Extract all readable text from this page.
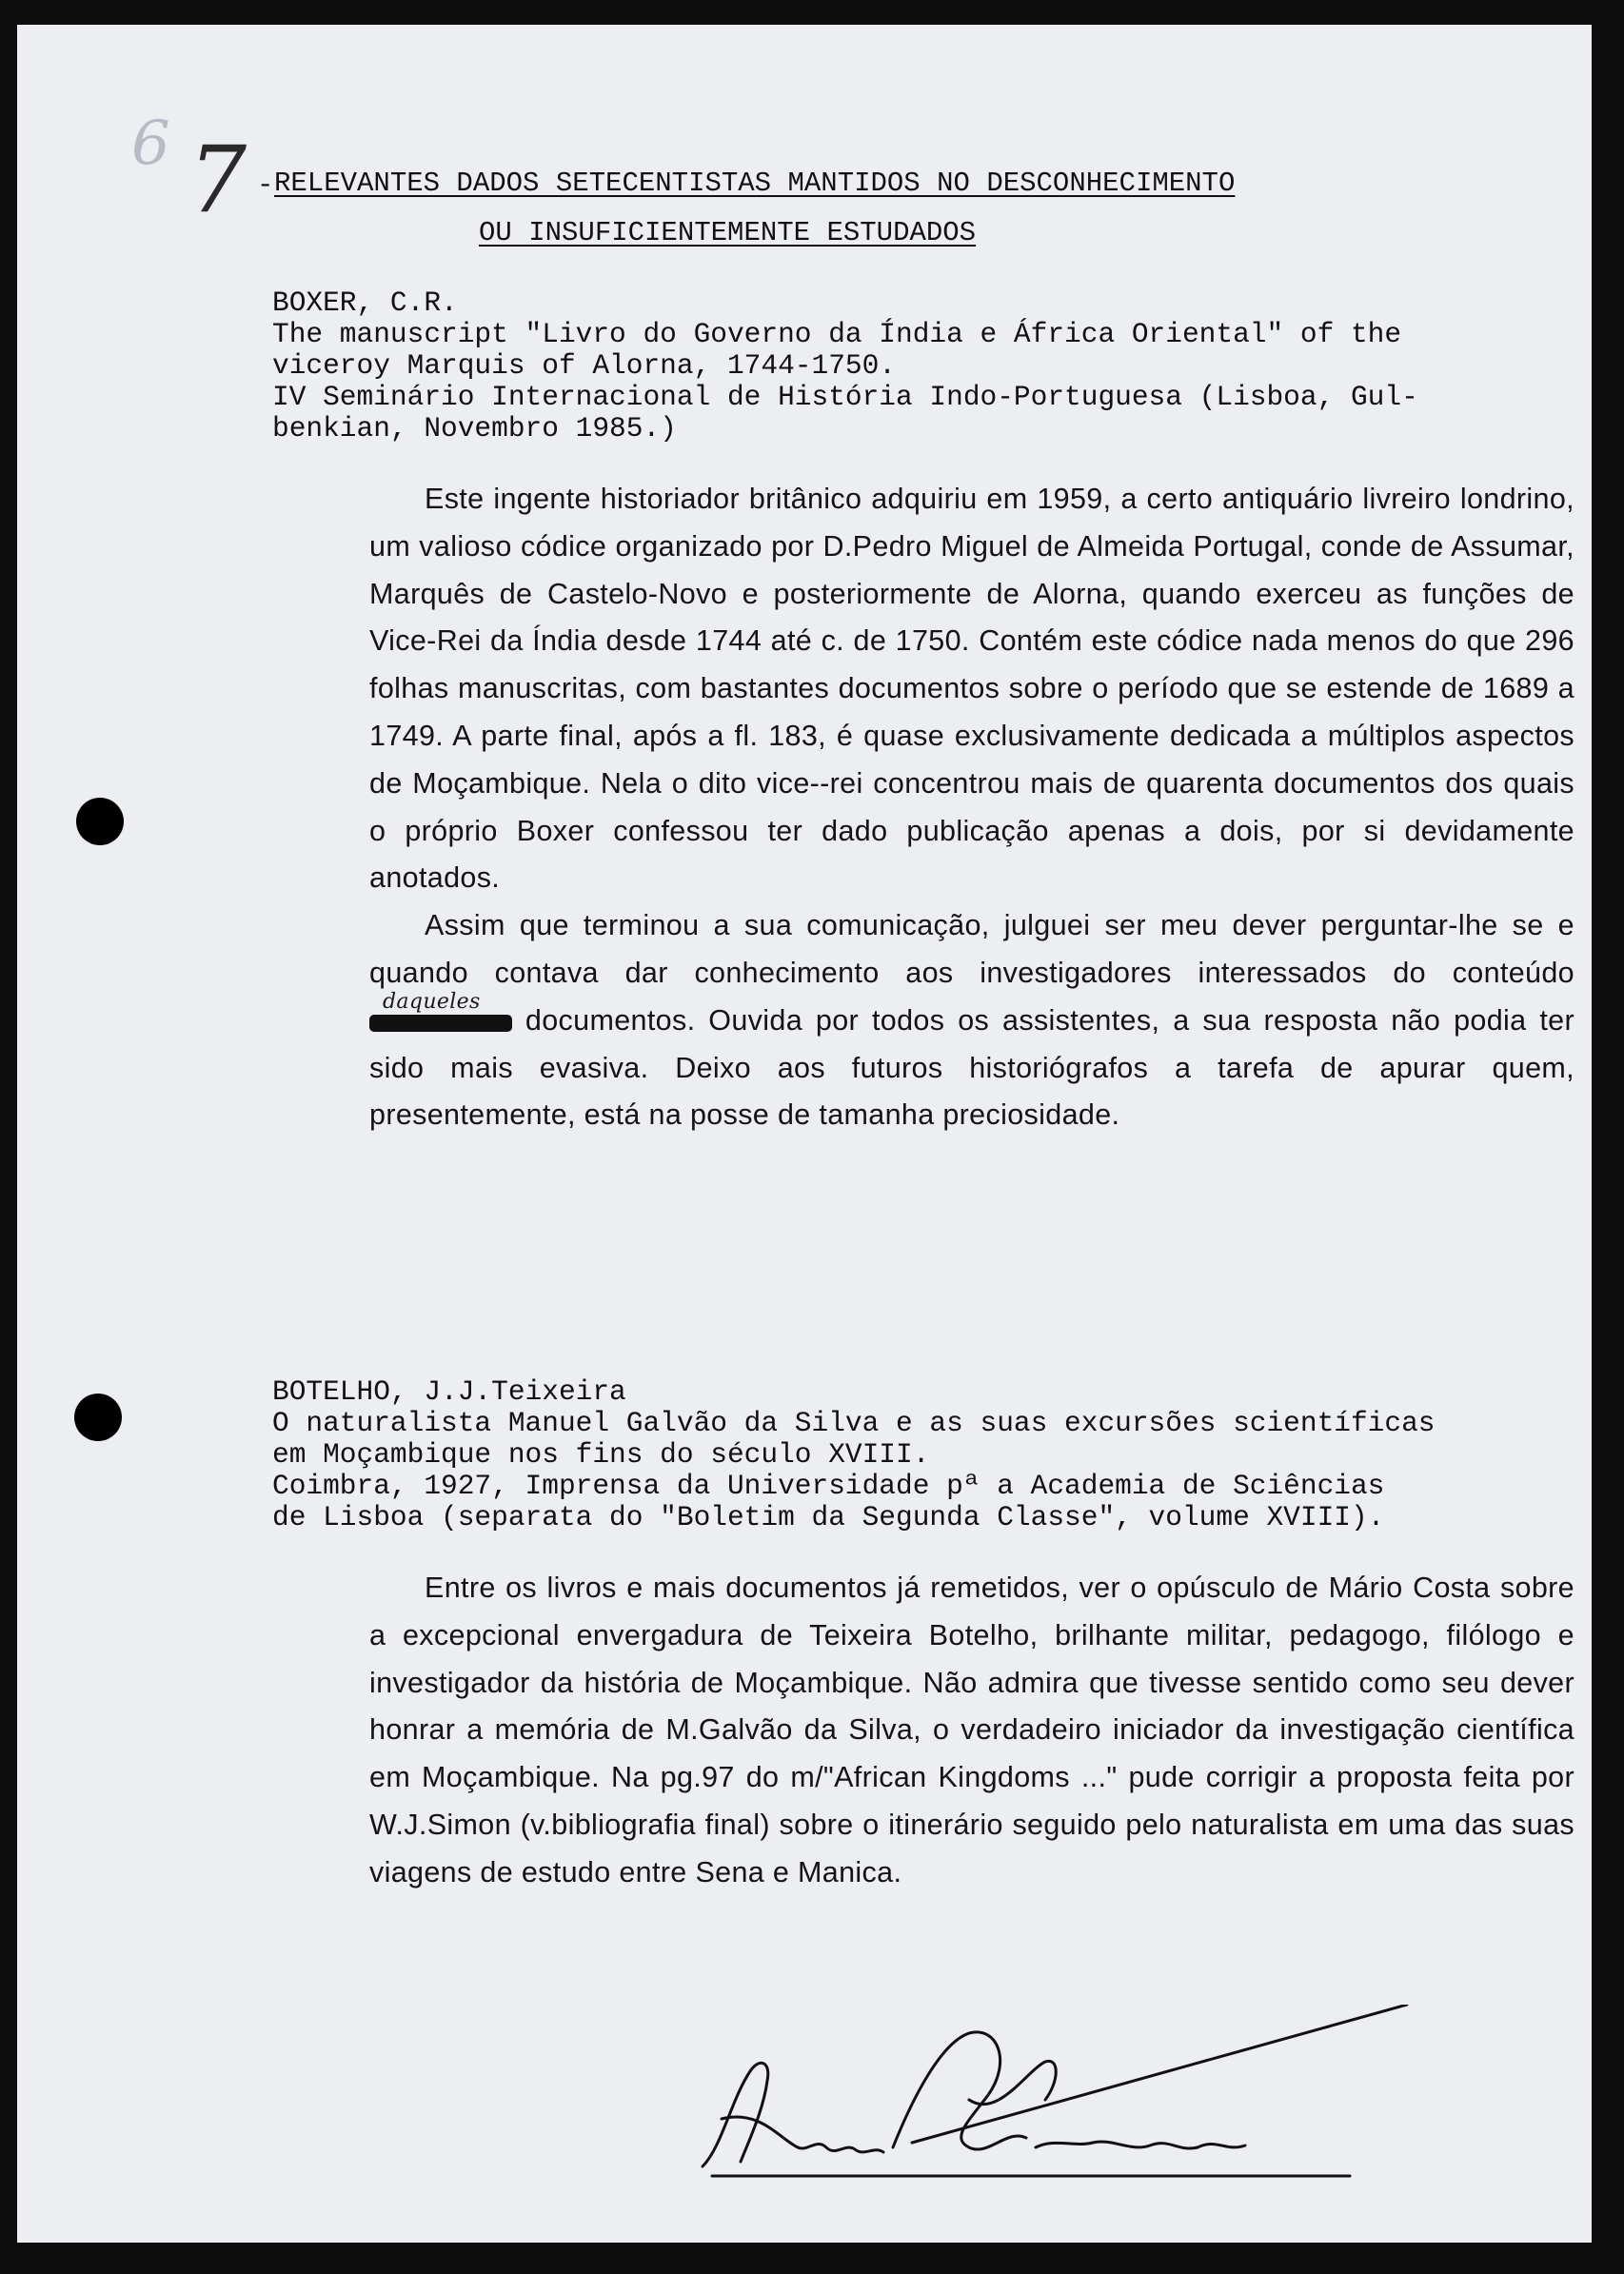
6 7 - RELEVANTES DADOS SETECENTISTAS MANTIDOS NO DESCONHECIMENTO
OU INSUFICIENTEMENTE ESTUDADOS
BOXER, C.R.
The manuscript "Livro do Governo da Índia e África Oriental" of the
viceroy Marquis of Alorna, 1744-1750.
IV Seminário Internacional de História Indo-Portuguesa (Lisboa, Gul-
benkian, Novembro 1985.)

Este ingente historiador britânico adquiriu em 1959, a certo antiquário livreiro londrino, um valioso códice organizado por D.Pedro Miguel de Almeida Portugal, conde de Assumar, Marquês de Castelo-Novo e posteriormente de Alorna, quando exerceu as funções de Vice-Rei da Índia desde 1744 até c. de 1750. Contém este códice nada menos do que 296 folhas manuscritas, com bastantes documentos sobre o período que se estende de 1689 a 1749. A parte final, após a fl. 183, é quase exclusivamente dedicada a múltiplos aspectos de Moçambique. Nela o dito vice--rei concentrou mais de quarenta documentos dos quais o próprio Boxer confessou ter dado publicação apenas a dois, por si devidamente anotados.

Assim que terminou a sua comunicação, julguei ser meu dever perguntar-lhe se e quando contava dar conhecimento aos investigadores interessados do conteúdo
daqueles
documentos. Ouvida por todos os assistentes, a sua resposta não podia ter sido mais evasiva. Deixo aos futuros historiógrafos a tarefa de apurar quem, presentemente, está na posse de tamanha preciosidade.

BOTELHO, J.J.Teixeira
O naturalista Manuel Galvão da Silva e as suas excursões scientíficas
em Moçambique nos fins do século XVIII.
Coimbra, 1927, Imprensa da Universidade pª a Academia de Sciências
de Lisboa (separata do "Boletim da Segunda Classe", volume XVIII).

Entre os livros e mais documentos já remetidos, ver o opúsculo de Mário Costa sobre a excepcional envergadura de Teixeira Botelho, brilhante militar, pedagogo, filólogo e investigador da história de Moçambique. Não admira que tivesse sentido como seu dever honrar a memória de M.Galvão da Silva, o verdadeiro iniciador da investigação científica em Moçambique. Na pg.97 do m/"African Kingdoms ..." pude corrigir a proposta feita por W.J.Simon (v.bibliografia final) sobre o itinerário seguido pelo naturalista em uma das suas viagens de estudo entre Sena e Manica.
